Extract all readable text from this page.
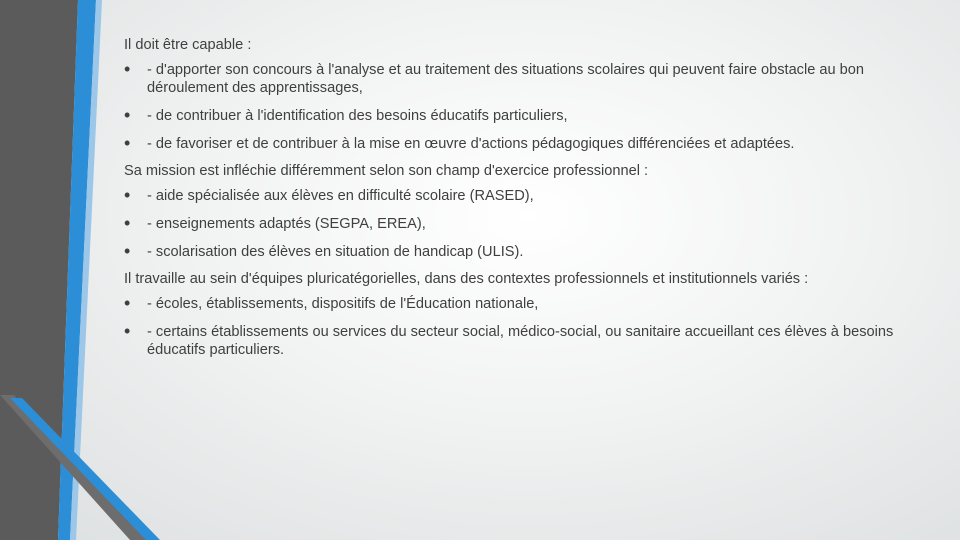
Il doit être capable :

• - d'apporter son concours à l'analyse et au traitement des situations scolaires qui peuvent faire obstacle au bon déroulement des apprentissages,
• - de contribuer à l'identification des besoins éducatifs particuliers,
• - de favoriser et de contribuer à la mise en œuvre d'actions pédagogiques différenciées et adaptées.

Sa mission est infléchie différemment selon son champ d'exercice professionnel :

• - aide spécialisée aux élèves en difficulté scolaire (RASED),
• - enseignements adaptés (SEGPA, EREA),
• - scolarisation des élèves en situation de handicap (ULIS).

Il travaille au sein d'équipes pluricatégorielles, dans des contextes professionnels et institutionnels variés :

• - écoles, établissements, dispositifs de l'Éducation nationale,
• - certains établissements ou services du secteur social, médico-social, ou sanitaire accueillant ces élèves à besoins éducatifs particuliers.
